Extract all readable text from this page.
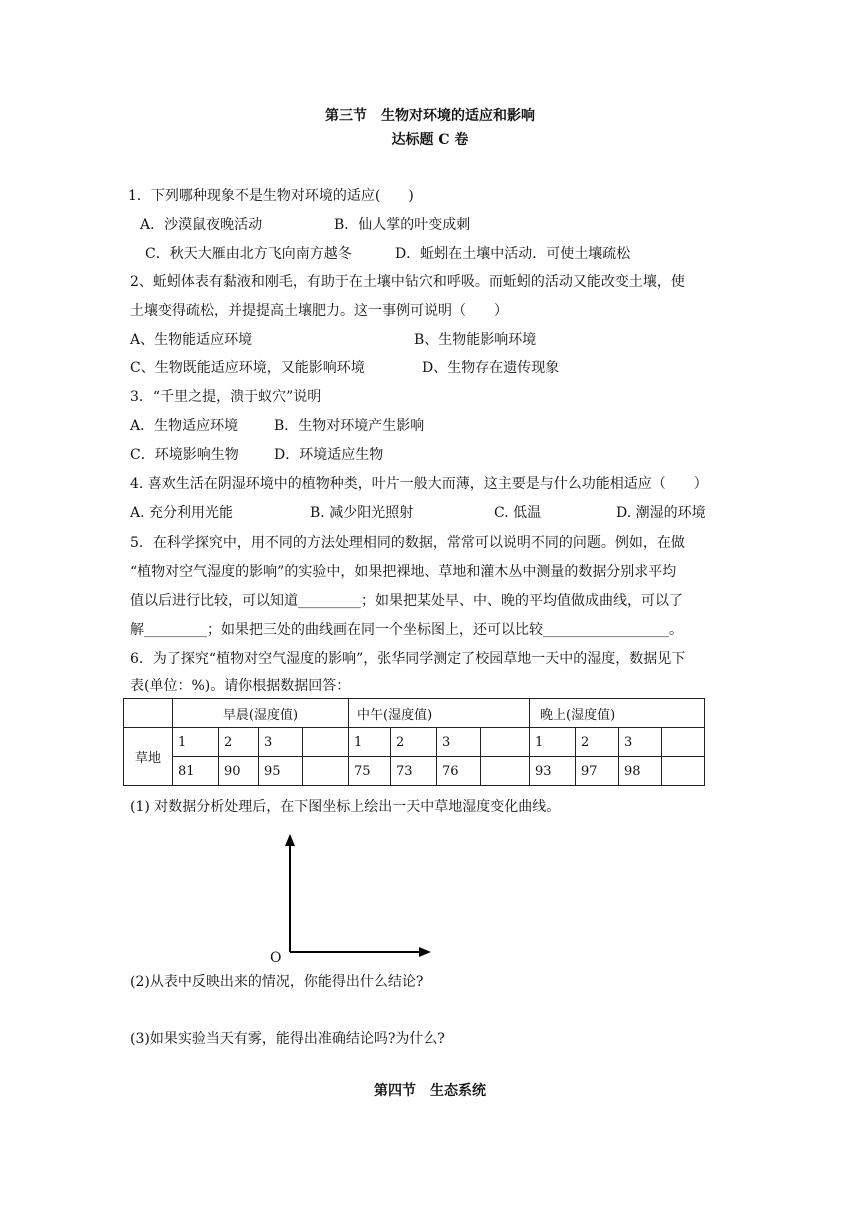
第三节　生物对环境的适应和影响
达标题 C 卷
1．下列哪种现象不是生物对环境的适应(　　)
A．沙漠鼠夜晚活动	B．仙人掌的叶变成刺
C．秋天大雁由北方飞向南方越冬	D．蚯蚓在土壤中活动．可使土壤疏松
2、蚯蚓体表有黏液和刚毛，有助于在土壤中钻穴和呼吸。而蚯蚓的活动又能改变土壤，使
土壤变得疏松，并提提高土壤肥力。这一事例可说明（　　）
A、生物能适应环境	B、生物能影响环境
C、生物既能适应环境，又能影响环境	D、生物存在遗传现象
3．“千里之提，溃于蚁穴”说明
A．生物适应环境	B．生物对环境产生影响
C．环境影响生物	D．环境适应生物
4. 喜欢生活在阴湿环境中的植物种类，叶片一般大而薄，这主要是与什么功能相适应（　　）
A. 充分利用光能	B. 减少阳光照射	C. 低温	D. 潮湿的环境
5．在科学探究中，用不同的方法处理相同的数据，常常可以说明不同的问题。例如，在做
“植物对空气湿度的影响”的实验中，如果把裸地、草地和灌木丛中测量的数据分别求平均
值以后进行比较，可以知道_________；如果把某处早、中、晚的平均值做成曲线，可以了
解_________；如果把三处的曲线画在同一个坐标图上，还可以比较__________________。
6．为了探究“植物对空气湿度的影响”，张华同学测定了校园草地一天中的湿度，数据见下
表(单位：%)。请你根据数据回答：
	早晨(湿度值)				中午(湿度值)				晚上(湿度值)			
草地	1	2	3		1	2	3		1	2	3	
	81	90	95		75	73	76		93	97	98	
(1) 对数据分析处理后，在下图坐标上绘出一天中草地湿度变化曲线。
O
(2)从表中反映出来的情况，你能得出什么结论?
(3)如果实验当天有雾，能得出准确结论吗?为什么?
第四节　生态系统
